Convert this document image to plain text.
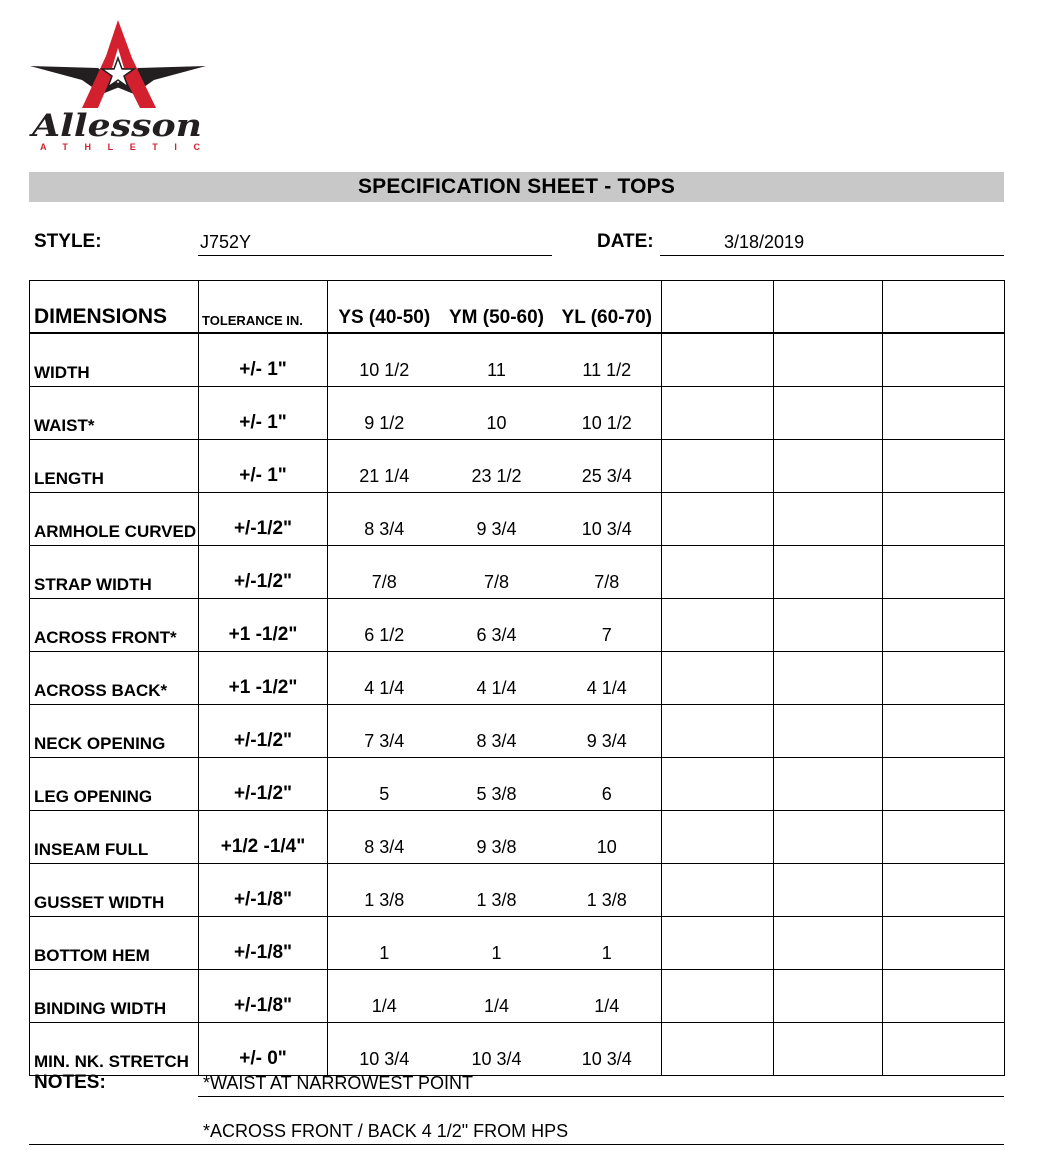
Allesson
ATHLETIC
SPECIFICATION SHEET - TOPS
STYLE:	J752Y	DATE:	3/18/2019
DIMENSIONS	TOLERANCE IN.	YS (40-50)	YM (50-60)	YL (60-70)			
WIDTH	+/- 1"	10 1/2	11	11 1/2			
WAIST*	+/- 1"	9 1/2	10	10 1/2			
LENGTH	+/- 1"	21 1/4	23 1/2	25 3/4			
ARMHOLE CURVED	+/-1/2"	8 3/4	9 3/4	10 3/4			
STRAP WIDTH	+/-1/2"	7/8	7/8	7/8			
ACROSS FRONT*	+1 -1/2"	6 1/2	6 3/4	7			
ACROSS BACK*	+1 -1/2"	4 1/4	4 1/4	4 1/4			
NECK OPENING	+/-1/2"	7 3/4	8 3/4	9 3/4			
LEG OPENING	+/-1/2"	5	5 3/8	6			
INSEAM FULL	+1/2 -1/4"	8 3/4	9 3/8	10			
GUSSET WIDTH	+/-1/8"	1 3/8	1 3/8	1 3/8			
BOTTOM HEM	+/-1/8"	1	1	1			
BINDING WIDTH	+/-1/8"	1/4	1/4	1/4			
MIN. NK. STRETCH	+/- 0"	10 3/4	10 3/4	10 3/4			
NOTES:	*WAIST AT NARROWEST POINT
*ACROSS FRONT / BACK 4 1/2" FROM HPS
